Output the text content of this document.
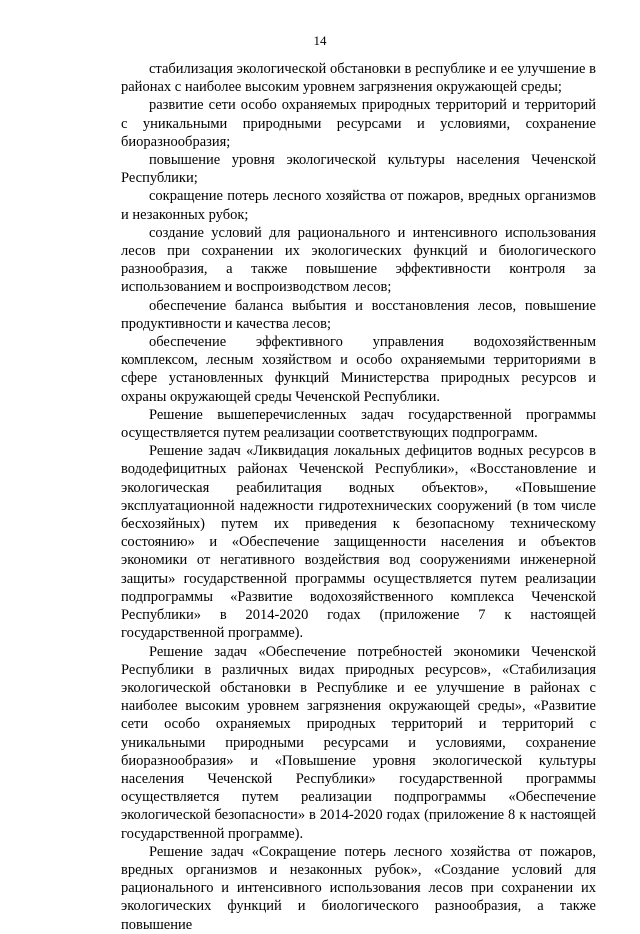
14

стабилизация экологической обстановки в республике и ее улучшение в районах с наиболее высоким уровнем загрязнения окружающей среды;

развитие сети особо охраняемых природных территорий и территорий с уникальными природными ресурсами и условиями, сохранение биоразнообразия;

повышение уровня экологической культуры населения Чеченской Республики;

сокращение потерь лесного хозяйства от пожаров, вредных организмов и незаконных рубок;

создание условий для рационального и интенсивного использования лесов при сохранении их экологических функций и биологического разнообразия, а также повышение эффективности контроля за использованием и воспроизводством лесов;

обеспечение баланса выбытия и восстановления лесов, повышение продуктивности и качества лесов;

обеспечение эффективного управления водохозяйственным комплексом, лесным хозяйством и особо охраняемыми территориями в сфере установленных функций Министерства природных ресурсов и охраны окружающей среды Чеченской Республики.

Решение вышеперечисленных задач государственной программы осуществляется путем реализации соответствующих подпрограмм.

Решение задач «Ликвидация локальных дефицитов водных ресурсов в вододефицитных районах Чеченской Республики», «Восстановление и экологическая реабилитация водных объектов», «Повышение эксплуатационной надежности гидротехнических сооружений (в том числе бесхозяйных) путем их приведения к безопасному техническому состоянию» и «Обеспечение защищенности населения и объектов экономики от негативного воздействия вод сооружениями инженерной защиты» государственной программы осуществляется путем реализации подпрограммы «Развитие водохозяйственного комплекса Чеченской Республики» в 2014-2020 годах (приложение 7 к настоящей государственной программе).

Решение задач «Обеспечение потребностей экономики Чеченской Республики в различных видах природных ресурсов», «Стабилизация экологической обстановки в Республике и ее улучшение в районах с наиболее высоким уровнем загрязнения окружающей среды», «Развитие сети особо охраняемых природных территорий и территорий с уникальными природными ресурсами и условиями, сохранение биоразнообразия» и «Повышение уровня экологической культуры населения Чеченской Республики» государственной программы осуществляется путем реализации подпрограммы «Обеспечение экологической безопасности» в 2014-2020 годах (приложение 8 к настоящей государственной программе).

Решение задач «Сокращение потерь лесного хозяйства от пожаров, вредных организмов и незаконных рубок», «Создание условий для рационального и интенсивного использования лесов при сохранении их экологических функций и биологического разнообразия, а также повышение
